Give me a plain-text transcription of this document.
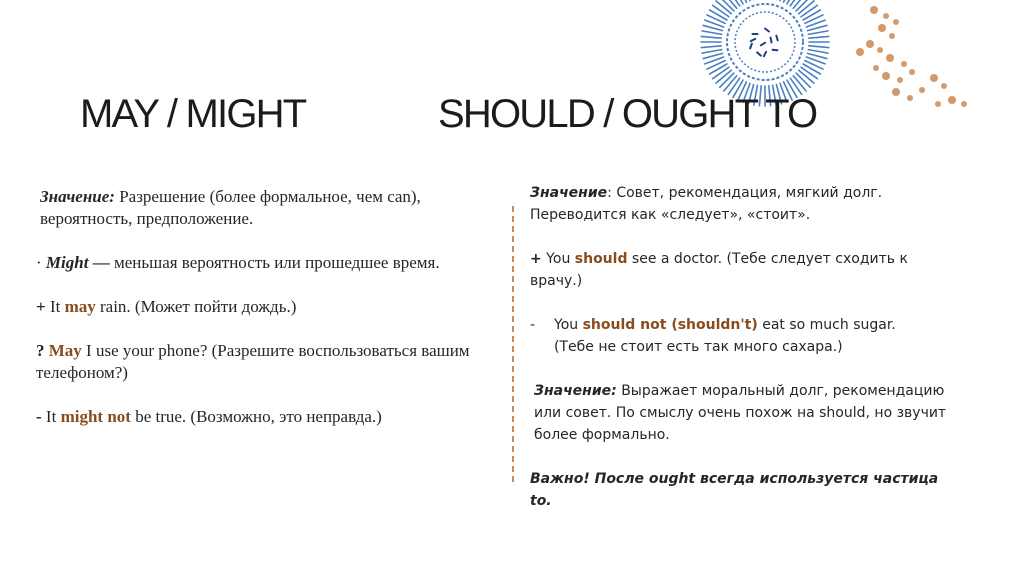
MAY / MIGHT	SHOULD / OUGHT TO

Значение: Разрешение (более формальное, чем can), вероятность, предположение.

· Might — меньшая вероятность или прошедшее время.

+ It may rain. (Может пойти дождь.)

? May I use your phone? (Разрешите воспользоваться вашим телефоном?)

- It might not be true. (Возможно, это неправда.)

Значение: Совет, рекомендация, мягкий долг. Переводится как «следует», «стоит».

+ You should see a doctor. (Тебе следует сходить к врачу.)

- You should not (shouldn't) eat so much sugar.
(Тебе не стоит есть так много сахара.)

Значение: Выражает моральный долг, рекомендацию или совет. По смыслу очень похож на should, но звучит более формально.

Важно! После ought всегда используется частица to.
